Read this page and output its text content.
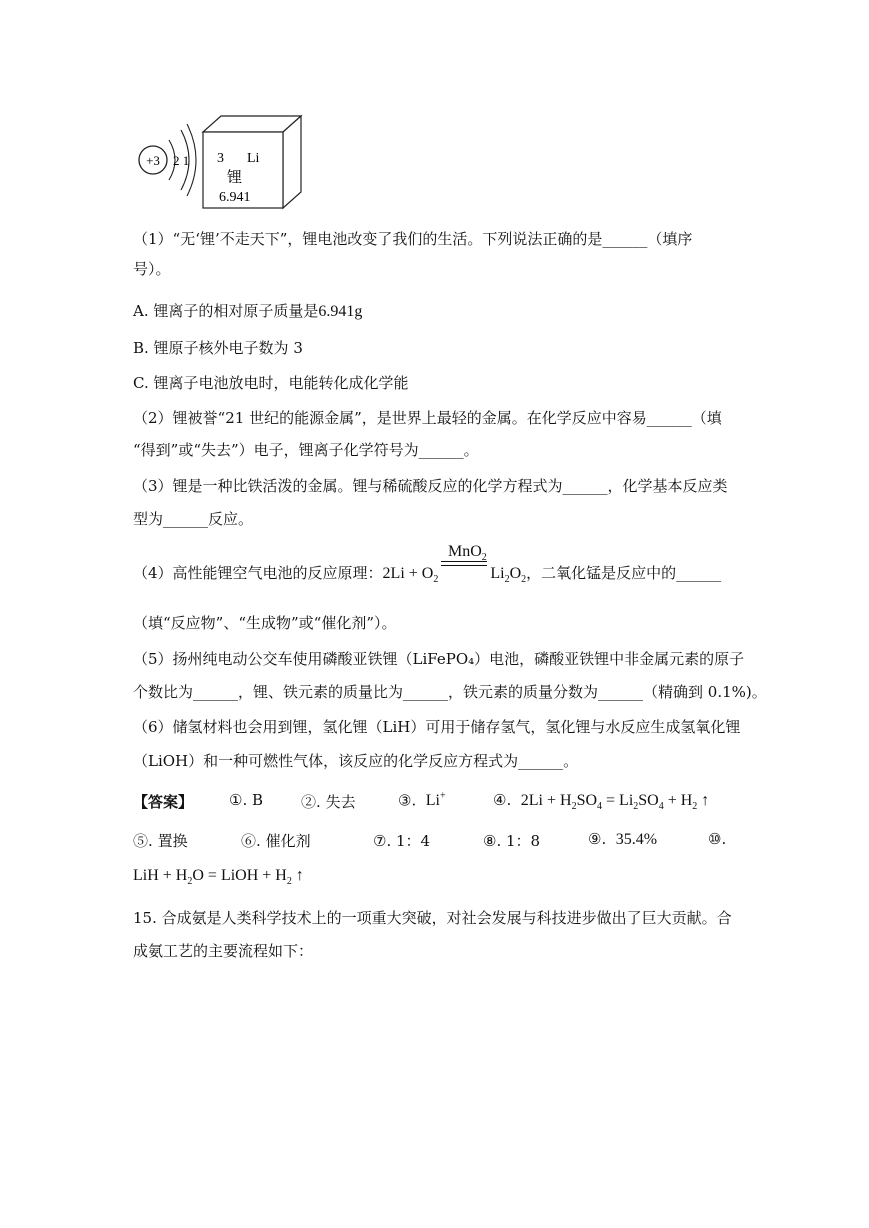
+3 2 1 3 Li
锂
6.941
（1）“无‘锂’不走天下”，锂电池改变了我们的生活。下列说法正确的是______（填序
号）。
A. 锂离子的相对原子质量是6.941g
B. 锂原子核外电子数为 3
C. 锂离子电池放电时，电能转化成化学能
（2）锂被誉“21 世纪的能源金属”，是世界上最轻的金属。在化学反应中容易______（填
“得到”或“失去”）电子，锂离子化学符号为______。
（3）锂是一种比铁活泼的金属。锂与稀硫酸反应的化学方程式为______，化学基本反应类
型为______反应。
（4）高性能锂空气电池的反应原理：$2Li + O_2$	$Li_2O_2$，二氧化锰是反应中的______
MnO$_2$
（填“反应物”、“生成物”或“催化剂”）。
（5）扬州纯电动公交车使用磷酸亚铁锂（LiFePO₄）电池，磷酸亚铁锂中非金属元素的原子
个数比为______，锂、铁元素的质量比为______，铁元素的质量分数为______（精确到 0.1%)。
（6）储氢材料也会用到锂，氢化锂（LiH）可用于储存氢气，氢化锂与水反应生成氢氧化锂
（LiOH）和一种可燃性气体，该反应的化学反应方程式为______。
【答案】 ①. B	②. 失去	③. Li+	④. $2Li + H_2SO_4 = Li_2SO_4 + H_2$ ↑
⑤. 置换	⑥. 催化剂	⑦. 1：4	⑧. 1：8	⑨. 35.4%	⑩.
LiH + $H_2O$ = LiOH + $H_2$ ↑
15. 合成氨是人类科学技术上的一项重大突破，对社会发展与科技进步做出了巨大贡献。合
成氨工艺的主要流程如下：
